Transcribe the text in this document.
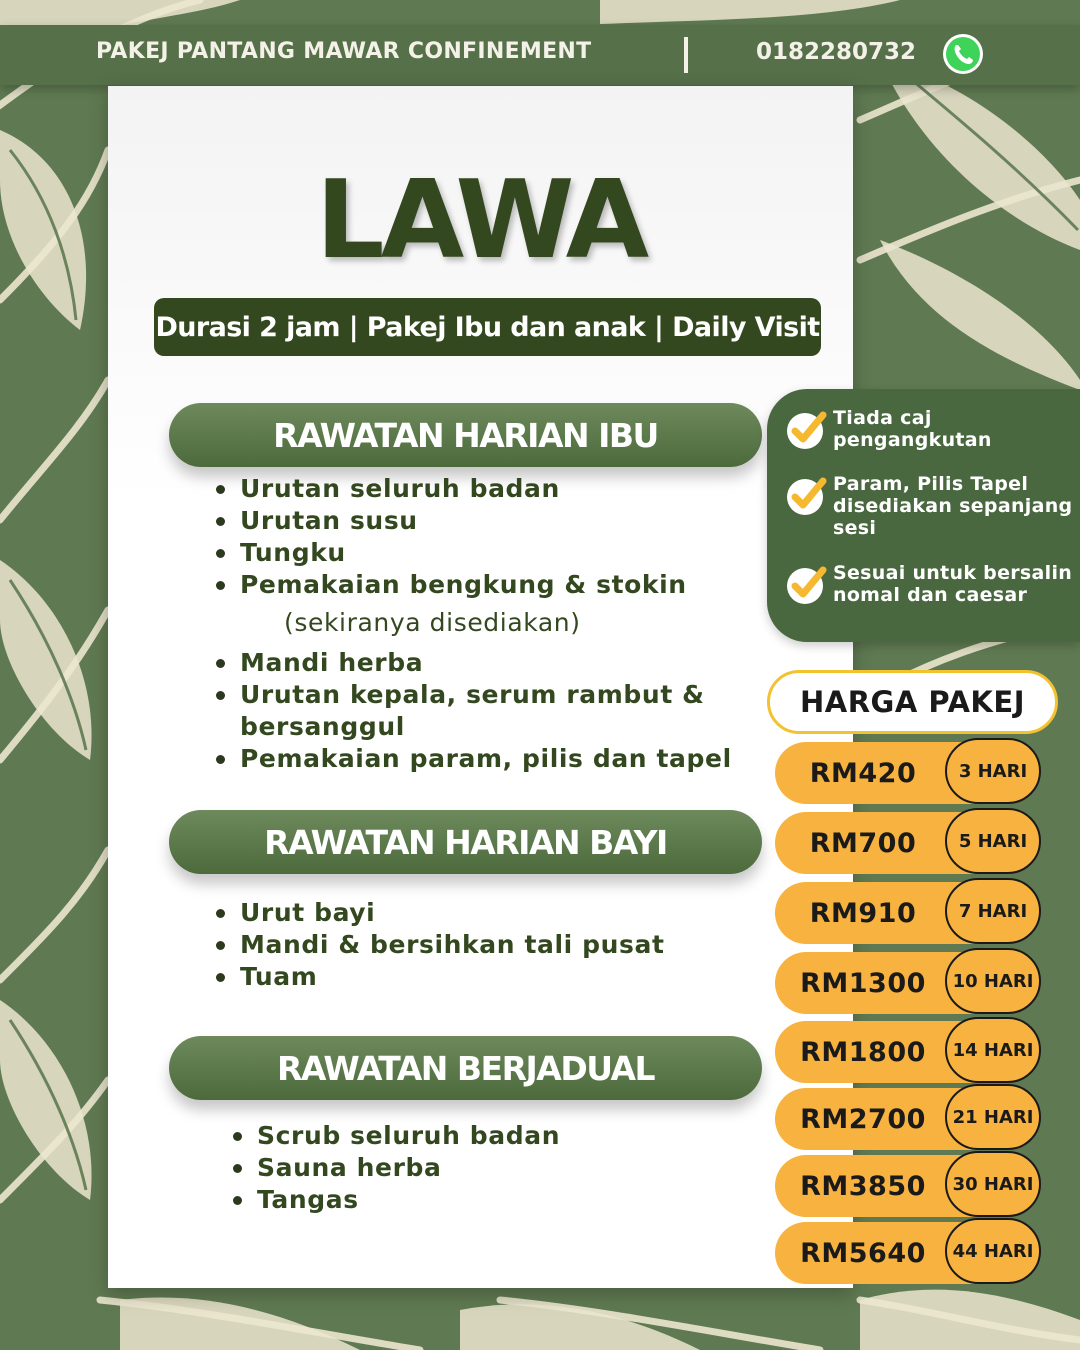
PAKEJ PANTANG MAWAR CONFINEMENT	0182280732
LAWA
Durasi 2 jam | Pakej Ibu dan anak | Daily Visit
RAWATAN HARIAN IBU
Urutan seluruh badan
Urutan susu
Tungku
Pemakaian bengkung & stokin
(sekiranya disediakan)
Mandi herba
Urutan kepala, serum rambut & bersanggul
Pemakaian param, pilis dan tapel
RAWATAN HARIAN BAYI
Urut bayi
Mandi & bersihkan tali pusat
Tuam
RAWATAN BERJADUAL
Scrub seluruh badan
Sauna herba
Tangas
Tiada caj pengangkutan
Param, Pilis Tapel disediakan sepanjang sesi
Sesuai untuk bersalin nomal dan caesar
HARGA PAKEJ
RM420	3 HARI
RM700	5 HARI
RM910	7 HARI
RM1300	10 HARI
RM1800	14 HARI
RM2700	21 HARI
RM3850	30 HARI
RM5640	44 HARI
